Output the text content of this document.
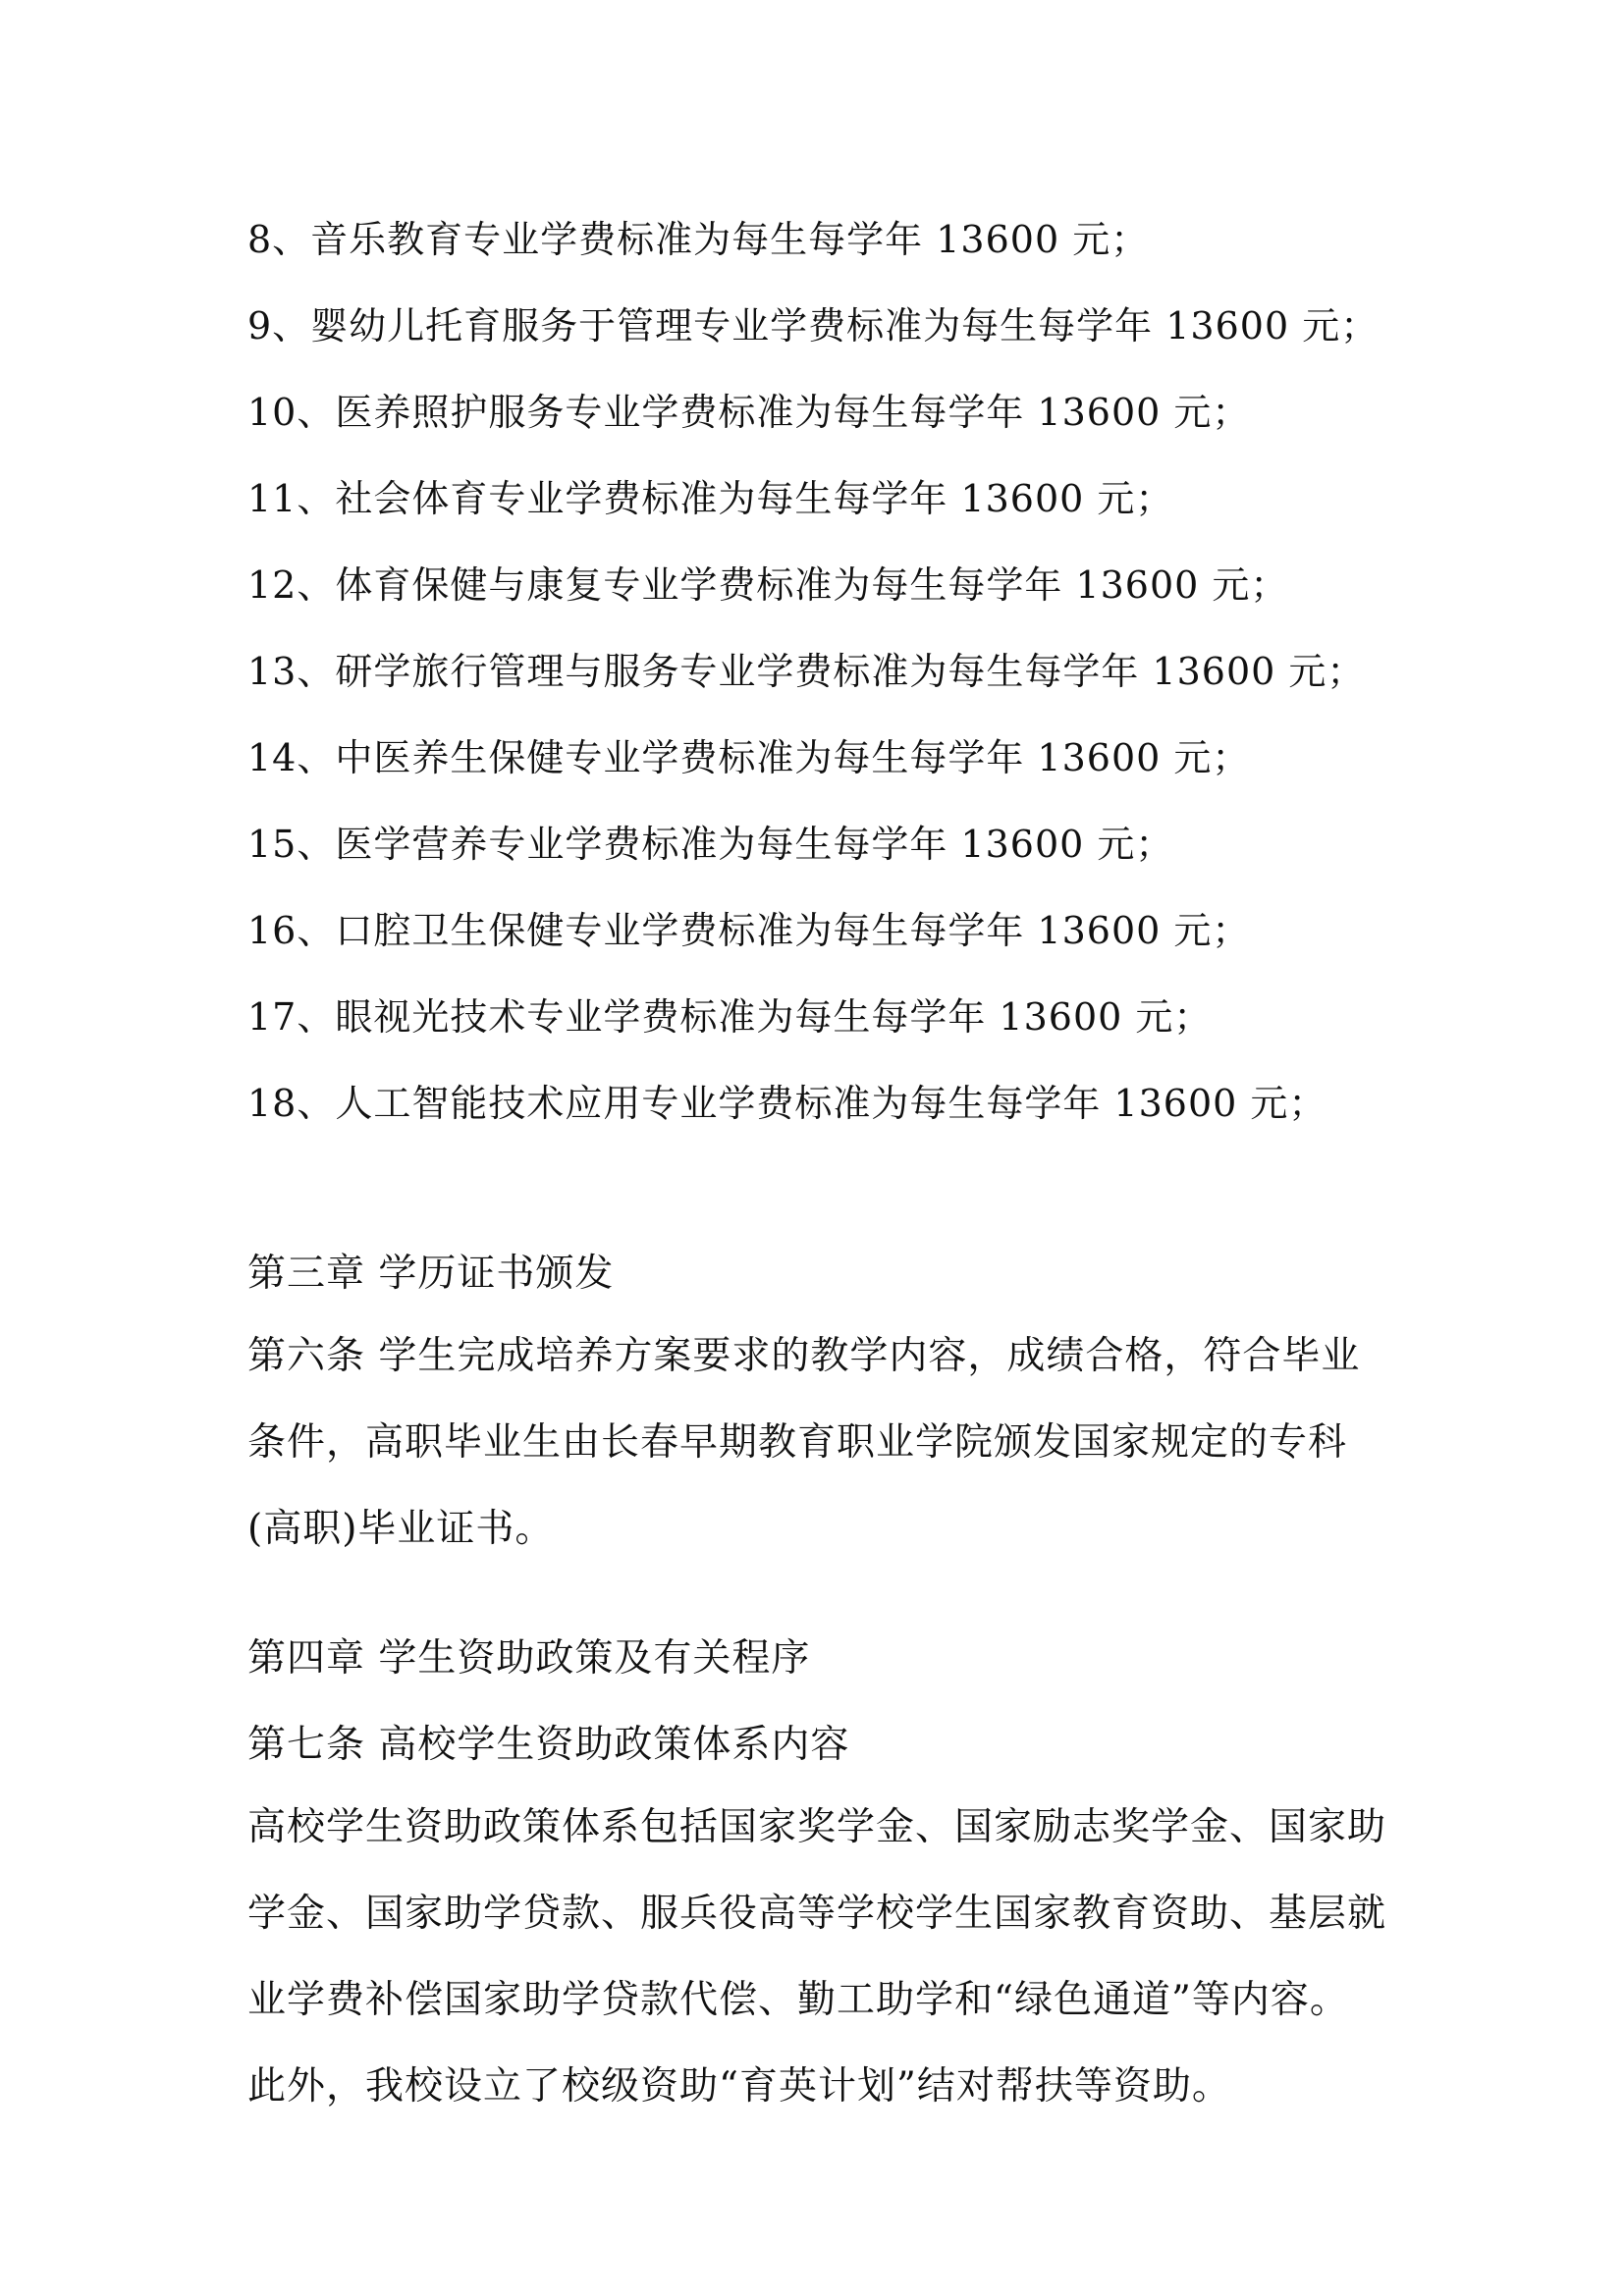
8、音乐教育专业学费标准为每生每学年 13600 元；
9、婴幼儿托育服务于管理专业学费标准为每生每学年 13600 元；
10、医养照护服务专业学费标准为每生每学年 13600 元；
11、社会体育专业学费标准为每生每学年 13600 元；
12、体育保健与康复专业学费标准为每生每学年 13600 元；
13、研学旅行管理与服务专业学费标准为每生每学年 13600 元；
14、中医养生保健专业学费标准为每生每学年 13600 元；
15、医学营养专业学费标准为每生每学年 13600 元；
16、口腔卫生保健专业学费标准为每生每学年 13600 元；
17、眼视光技术专业学费标准为每生每学年 13600 元；
18、人工智能技术应用专业学费标准为每生每学年 13600 元；
第三章 学历证书颁发
第六条 学生完成培养方案要求的教学内容，成绩合格，符合毕业条件，高职毕业生由长春早期教育职业学院颁发国家规定的专科(高职)毕业证书。
第四章 学生资助政策及有关程序
第七条 高校学生资助政策体系内容
高校学生资助政策体系包括国家奖学金、国家励志奖学金、国家助学金、国家助学贷款、服兵役高等学校学生国家教育资助、基层就业学费补偿国家助学贷款代偿、勤工助学和“绿色通道”等内容。此外，我校设立了校级资助“育英计划”结对帮扶等资助。
